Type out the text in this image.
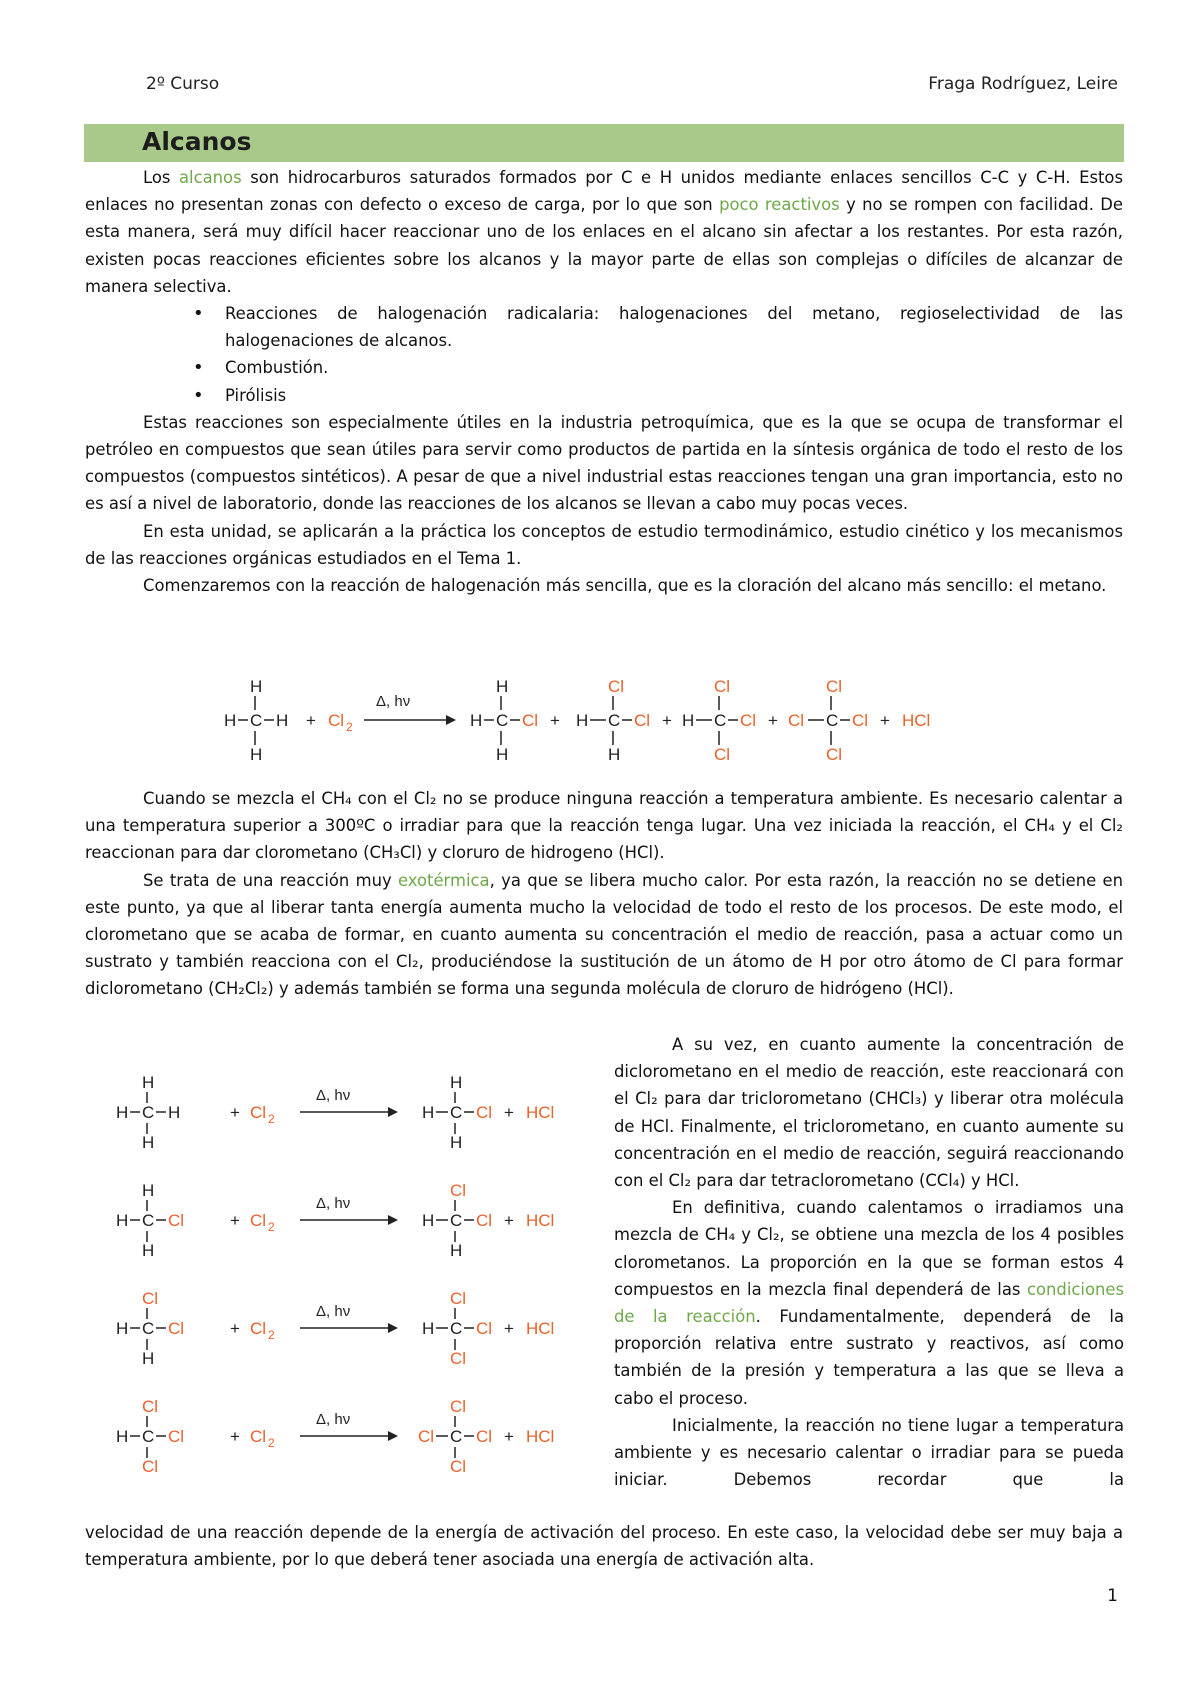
2º Curso	Fraga Rodríguez, Leire
Alcanos

Los alcanos son hidrocarburos saturados formados por C e H unidos mediante enlaces sencillos C-C y C-H. Estos enlaces no presentan zonas con defecto o exceso de carga, por lo que son poco reactivos y no se rompen con facilidad. De esta manera, será muy difícil hacer reaccionar uno de los enlaces en el alcano sin afectar a los restantes. Por esta razón, existen pocas reacciones eficientes sobre los alcanos y la mayor parte de ellas son complejas o difíciles de alcanzar de manera selectiva.

• Reacciones de halogenación radicalaria: halogenaciones del metano, regioselectividad de las halogenaciones de alcanos.
• Combustión.
• Pirólisis

Estas reacciones son especialmente útiles en la industria petroquímica, que es la que se ocupa de transformar el petróleo en compuestos que sean útiles para servir como productos de partida en la síntesis orgánica de todo el resto de los compuestos (compuestos sintéticos). A pesar de que a nivel industrial estas reacciones tengan una gran importancia, esto no es así a nivel de laboratorio, donde las reacciones de los alcanos se llevan a cabo muy pocas veces.

En esta unidad, se aplicarán a la práctica los conceptos de estudio termodinámico, estudio cinético y los mecanismos de las reacciones orgánicas estudiados en el Tema 1.

Comenzaremos con la reacción de halogenación más sencilla, que es la cloración del alcano más sencillo: el metano.

H
H C H
H
+ Cl 2
Δ, hν
H
H C Cl
H
+
Cl
H C Cl
H
+
Cl
H C Cl
Cl
+
Cl
Cl C Cl
Cl
+ HCl

Cuando se mezcla el CH₄ con el Cl₂ no se produce ninguna reacción a temperatura ambiente. Es necesario calentar a una temperatura superior a 300ºC o irradiar para que la reacción tenga lugar. Una vez iniciada la reacción, el CH₄ y el Cl₂ reaccionan para dar clorometano (CH₃Cl) y cloruro de hidrogeno (HCl).

Se trata de una reacción muy exotérmica, ya que se libera mucho calor. Por esta razón, la reacción no se detiene en este punto, ya que al liberar tanta energía aumenta mucho la velocidad de todo el resto de los procesos. De este modo, el clorometano que se acaba de formar, en cuanto aumenta su concentración el medio de reacción, pasa a actuar como un sustrato y también reacciona con el Cl₂, produciéndose la sustitución de un átomo de H por otro átomo de Cl para formar diclorometano (CH₂Cl₂) y además también se forma una segunda molécula de cloruro de hidrógeno (HCl).

H
H C H
H
+ Cl 2
Δ, hν
H
H C Cl
H
+ HCl
H
H C Cl
H
+ Cl 2
Δ, hν
Cl
H C Cl
H
+ HCl
Cl
H C Cl
H
+ Cl 2
Δ, hν
Cl
H C Cl
Cl
+ HCl
Cl
H C Cl
Cl
+ Cl 2
Δ, hν
Cl
Cl C Cl
Cl
+ HCl

A su vez, en cuanto aumente la concentración de diclorometano en el medio de reacción, este reaccionará con el Cl₂ para dar triclorometano (CHCl₃) y liberar otra molécula de HCl. Finalmente, el triclorometano, en cuanto aumente su concentración en el medio de reacción, seguirá reaccionando con el Cl₂ para dar tetraclorometano (CCl₄) y HCl.

En definitiva, cuando calentamos o irradiamos una mezcla de CH₄ y Cl₂, se obtiene una mezcla de los 4 posibles clorometanos. La proporción en la que se forman estos 4 compuestos en la mezcla final dependerá de las condiciones de la reacción. Fundamentalmente, dependerá de la proporción relativa entre sustrato y reactivos, así como también de la presión y temperatura a las que se lleva a cabo el proceso.

Inicialmente, la reacción no tiene lugar a temperatura ambiente y es necesario calentar o irradiar para se pueda iniciar. Debemos recordar que la

velocidad de una reacción depende de la energía de activación del proceso. En este caso, la velocidad debe ser muy baja a temperatura ambiente, por lo que deberá tener asociada una energía de activación alta.
1
